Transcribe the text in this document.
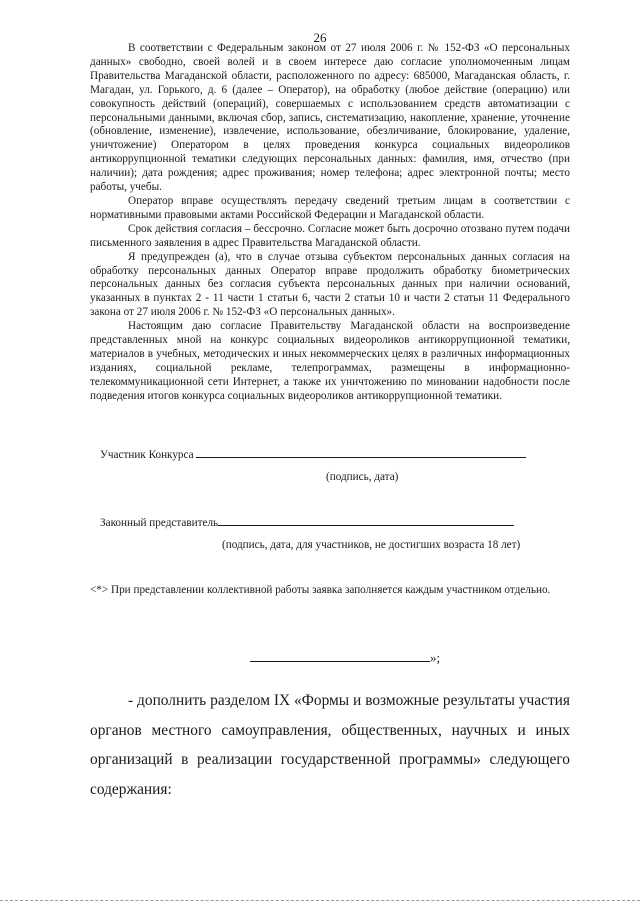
26

В соответствии с Федеральным законом от 27 июля 2006 г. № 152-ФЗ «О персональных данных» свободно, своей волей и в своем интересе даю согласие уполномоченным лицам Правительства Магаданской области, расположенного по адресу: 685000, Магаданская область, г. Магадан, ул. Горького, д. 6 (далее – Оператор), на обработку (любое действие (операцию) или совокупность действий (операций), совершаемых с использованием средств автоматизации с персональными данными, включая сбор, запись, систематизацию, накопление, хранение, уточнение (обновление, изменение), извлечение, использование, обезличивание, блокирование, удаление, уничтожение) Оператором в целях проведения конкурса социальных видеороликов антикоррупционной тематики следующих персональных данных: фамилия, имя, отчество (при наличии); дата рождения; адрес проживания; номер телефона; адрес электронной почты; место работы, учебы.

Оператор вправе осуществлять передачу сведений третьим лицам в соответствии с нормативными правовыми актами Российской Федерации и Магаданской области.

Срок действия согласия – бессрочно. Согласие может быть досрочно отозвано путем подачи письменного заявления в адрес Правительства Магаданской области.

Я предупрежден (а), что в случае отзыва субъектом персональных данных согласия на обработку персональных данных Оператор вправе продолжить обработку биометрических персональных данных без согласия субъекта персональных данных при наличии оснований, указанных в пунктах 2 - 11 части 1 статьи 6, части 2 статьи 10 и части 2 статьи 11 Федерального закона от 27 июля 2006 г. № 152-ФЗ «О персональных данных».

Настоящим даю согласие Правительству Магаданской области на воспроизведение представленных мной на конкурс социальных видеороликов антикоррупционной тематики, материалов в учебных, методических и иных некоммерческих целях в различных информационных изданиях, социальной рекламе, телепрограммах, размещены в информационно-телекоммуникационной сети Интернет, а также их уничтожению по миновании надобности после подведения итогов конкурса социальных видеороликов антикоррупционной тематики.

Участник Конкурса
(подпись, дата)
Законный представитель
(подпись, дата, для участников, не достигших возраста 18 лет)

<*> При представлении коллективной работы заявка заполняется каждым участником отдельно.

»;

- дополнить разделом IX «Формы и возможные результаты участия органов местного самоуправления, общественных, научных и иных организаций в реализации государственной программы» следующего содержания:
